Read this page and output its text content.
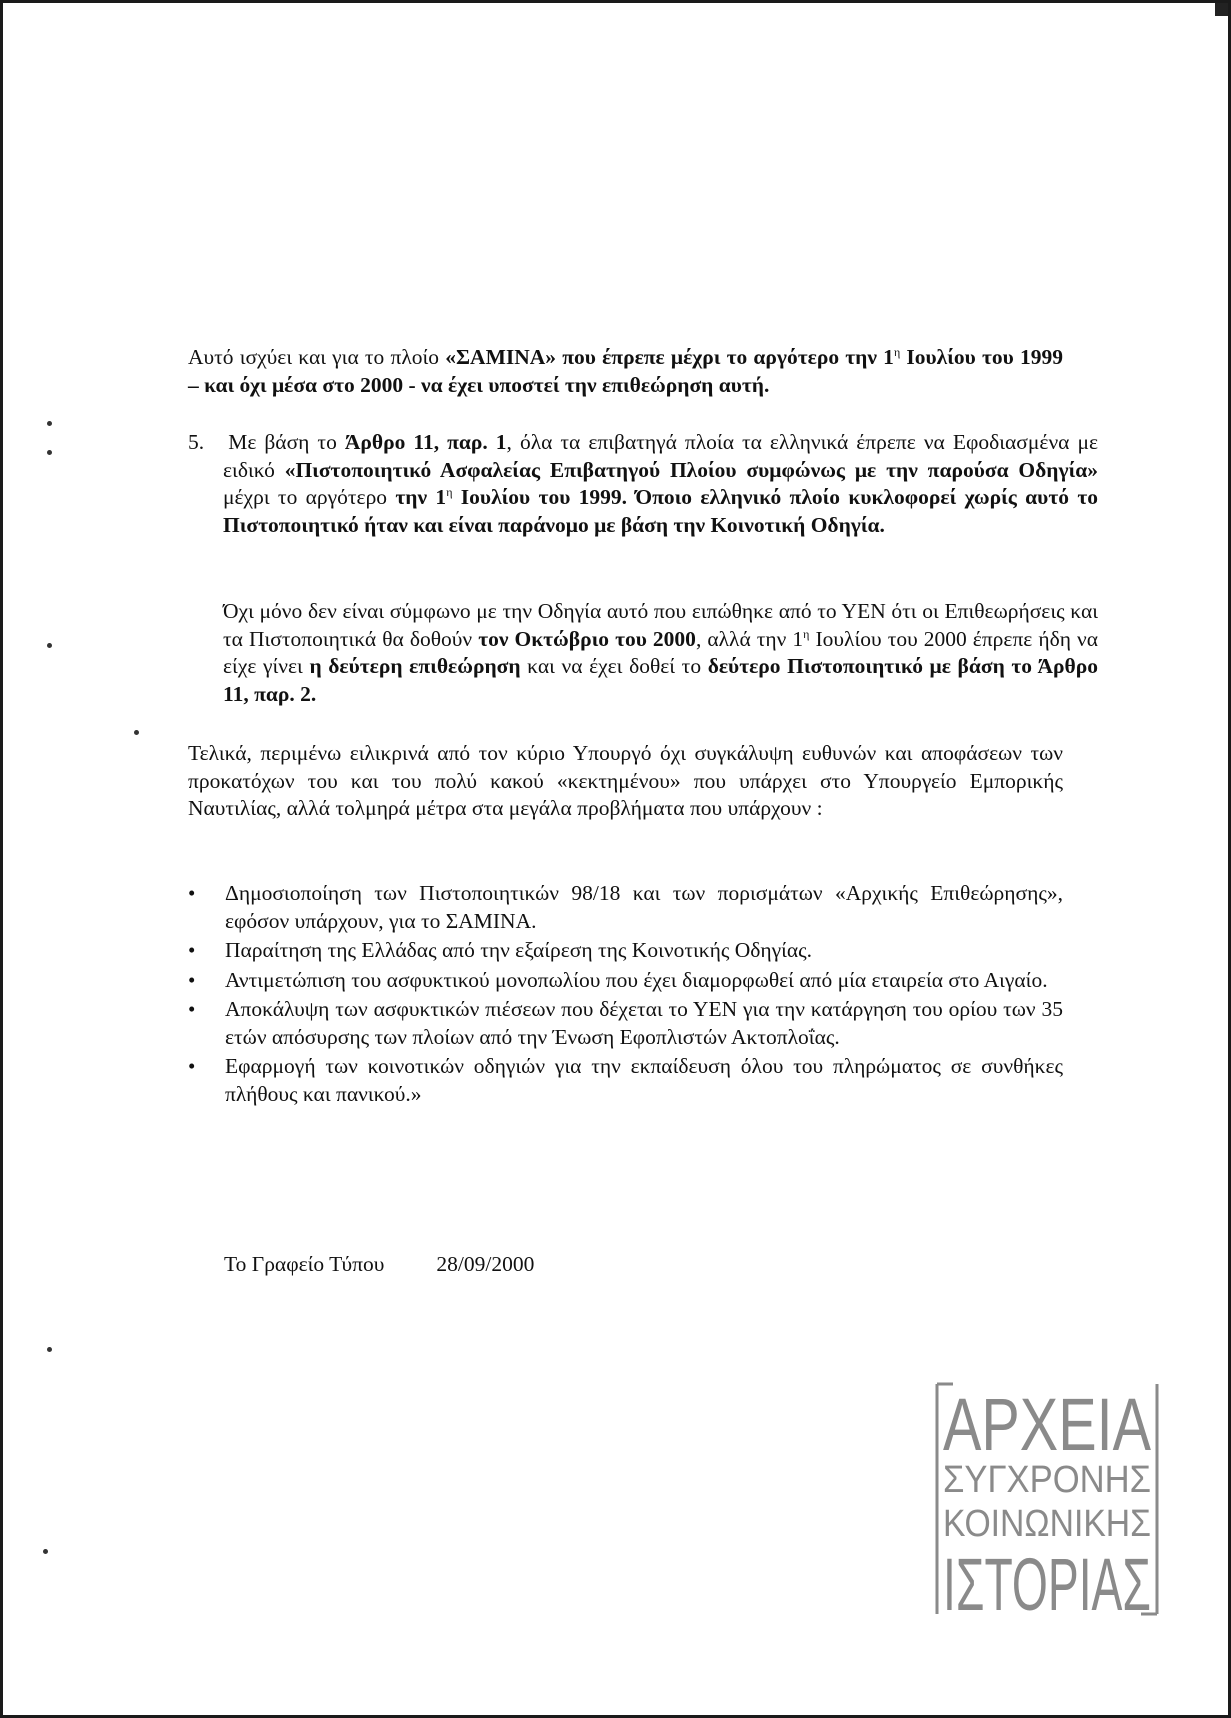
Αυτό ισχύει και για το πλοίο «ΣΑΜΙΝΑ» που έπρεπε μέχρι το αργότερο την $1^\eta$ Ιουλίου του 1999 – και όχι μέσα στο 2000 - να έχει υποστεί την επιθεώρηση αυτή.

5. Με βάση το Άρθρο 11, παρ. 1, όλα τα επιβατηγά πλοία τα ελληνικά έπρεπε να Εφοδιασμένα με ειδικό «Πιστοποιητικό Ασφαλείας Επιβατηγού Πλοίου συμφώνως με την παρούσα Οδηγία» μέχρι το αργότερο την $1^\eta$ Ιουλίου του 1999. Όποιο ελληνικό πλοίο κυκλοφορεί χωρίς αυτό το Πιστοποιητικό ήταν και είναι παράνομο με βάση την Κοινοτική Οδηγία.

Όχι μόνο δεν είναι σύμφωνο με την Οδηγία αυτό που ειπώθηκε από το ΥΕΝ ότι οι Επιθεωρήσεις και τα Πιστοποιητικά θα δοθούν τον Οκτώβριο του 2000, αλλά την $1^\eta$ Ιουλίου του 2000 έπρεπε ήδη να είχε γίνει η δεύτερη επιθεώρηση και να έχει δοθεί το δεύτερο Πιστοποιητικό με βάση το Άρθρο 11, παρ. 2.

Τελικά, περιμένω ειλικρινά από τον κύριο Υπουργό όχι συγκάλυψη ευθυνών και αποφάσεων των προκατόχων του και του πολύ κακού «κεκτημένου» που υπάρχει στο Υπουργείο Εμπορικής Ναυτιλίας, αλλά τολμηρά μέτρα στα μεγάλα προβλήματα που υπάρχουν :

• Δημοσιοποίηση των Πιστοποιητικών 98/18 και των πορισμάτων «Αρχικής Επιθεώρησης», εφόσον υπάρχουν, για το ΣΑΜΙΝΑ.
• Παραίτηση της Ελλάδας από την εξαίρεση της Κοινοτικής Οδηγίας.
• Αντιμετώπιση του ασφυκτικού μονοπωλίου που έχει διαμορφωθεί από μία εταιρεία στο Αιγαίο.
• Αποκάλυψη των ασφυκτικών πιέσεων που δέχεται το ΥΕΝ για την κατάργηση του ορίου των 35 ετών απόσυρσης των πλοίων από την Ένωση Εφοπλιστών Ακτοπλοΐας.
• Εφαρμογή των κοινοτικών οδηγιών για την εκπαίδευση όλου του πληρώματος σε συνθήκες πλήθους και πανικού.»
Το Γραφείο Τύπου 28/09/2000
ΑΡΧΕΙΑ
ΣΥΓΧΡΟΝΗΣ
ΚΟΙΝΩΝΙΚΗΣ
ΙΣΤΟΡΙΑΣ
